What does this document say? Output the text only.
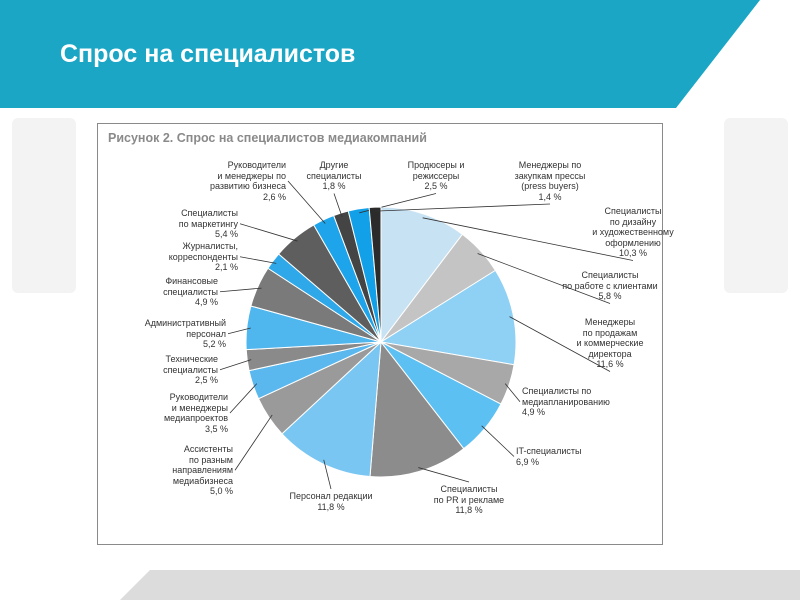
Спрос на специалистов
Рисунок 2. Спрос на специалистов медиакомпаний
Специалисты
по дизайну
и художественному
оформлению
10,3 %
Специалисты
по работе с клиентами
5,8 %
Менеджеры
по продажам
и коммерческие
директора
11,6 %
Специалисты по
медиапланированию
4,9 %
IT-специалисты
6,9 %
Специалисты
по PR и рекламе
11,8 %
Персонал редакции
11,8 %
Ассистенты
по разным
направлениям
медиабизнеса
5,0 %
Руководители
и менеджеры
медиапроектов
3,5 %
Технические
специалисты
2,5 %
Административный
персонал
5,2 %
Финансовые
специалисты
4,9 %
Журналисты,
корреспонденты
2,1 %
Специалисты
по маркетингу
5,4 %
Руководители
и менеджеры по
развитию бизнеса
2,6 %
Другие
специалисты
1,8 %
Продюсеры и
режиссеры
2,5 %
Менеджеры по
закупкам прессы
(press buyers)
1,4 %
